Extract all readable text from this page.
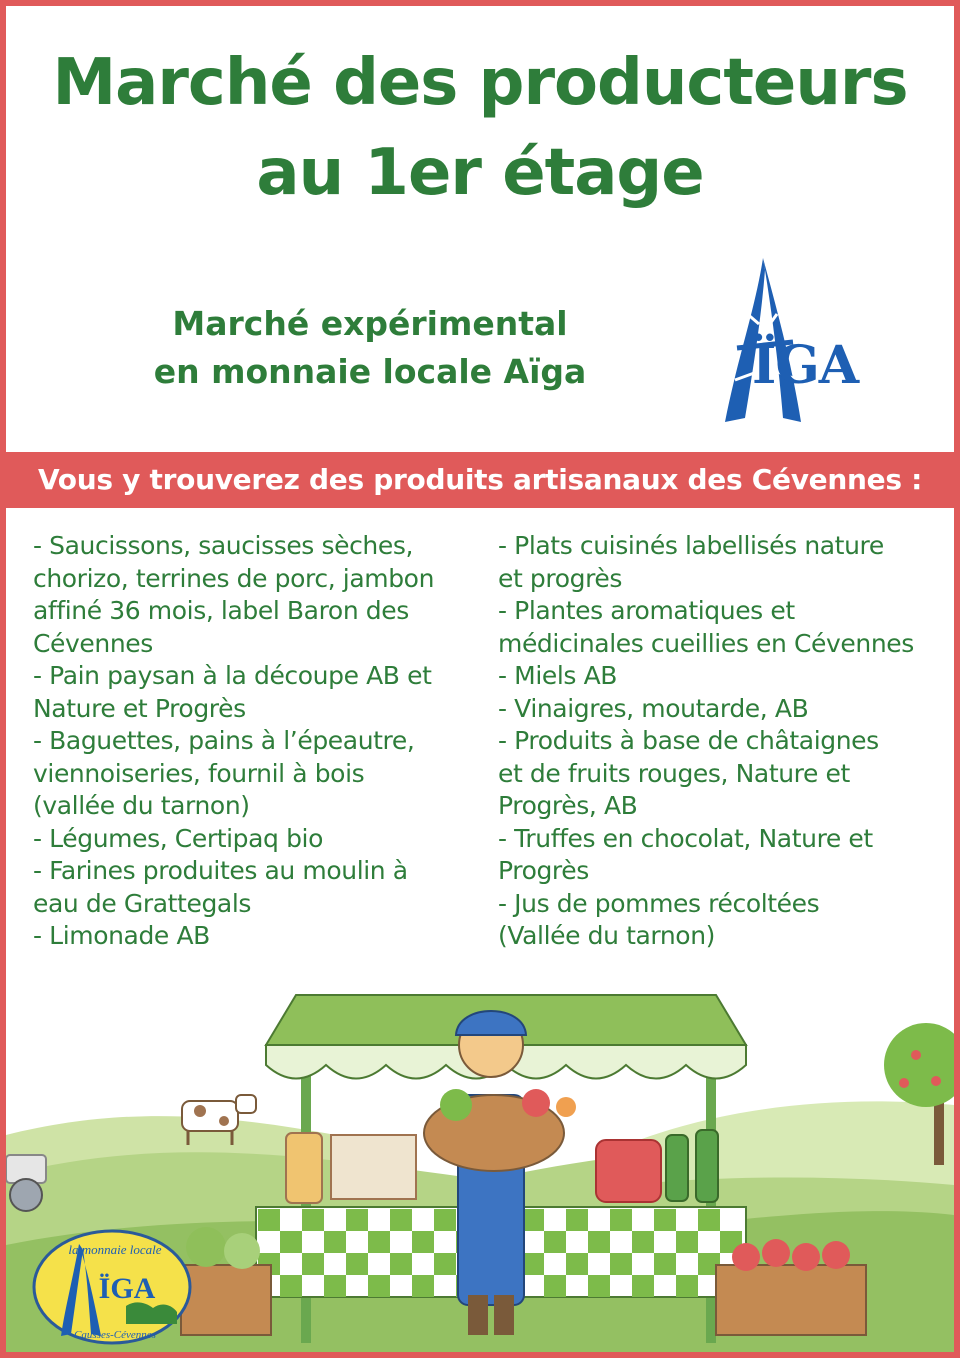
Marché des producteurs
au 1er étage
Marché expérimental
en monnaie locale Aïga	ÏGA
Vous y trouverez des produits artisanaux des Cévennes :
- Saucissons, saucisses sèches,
chorizo, terrines de porc, jambon
affiné 36 mois, label Baron des
Cévennes
- Pain paysan à la découpe AB et
Nature et Progrès
- Baguettes, pains à l’épeautre,
viennoiseries, fournil à bois
(vallée du tarnon)
- Légumes, Certipaq bio
- Farines produites au moulin à
eau de Grattegals
- Limonade AB
- Plats cuisinés labellisés nature
et progrès
- Plantes aromatiques et
médicinales cueillies en Cévennes
- Miels AB
- Vinaigres, moutarde, AB
- Produits à base de châtaignes
et de fruits rouges, Nature et
Progrès, AB
- Truffes en chocolat, Nature et
Progrès
- Jus de pommes récoltées
(Vallée du tarnon)
la monnaie locale
ÏGA
Causses-Cévennes
